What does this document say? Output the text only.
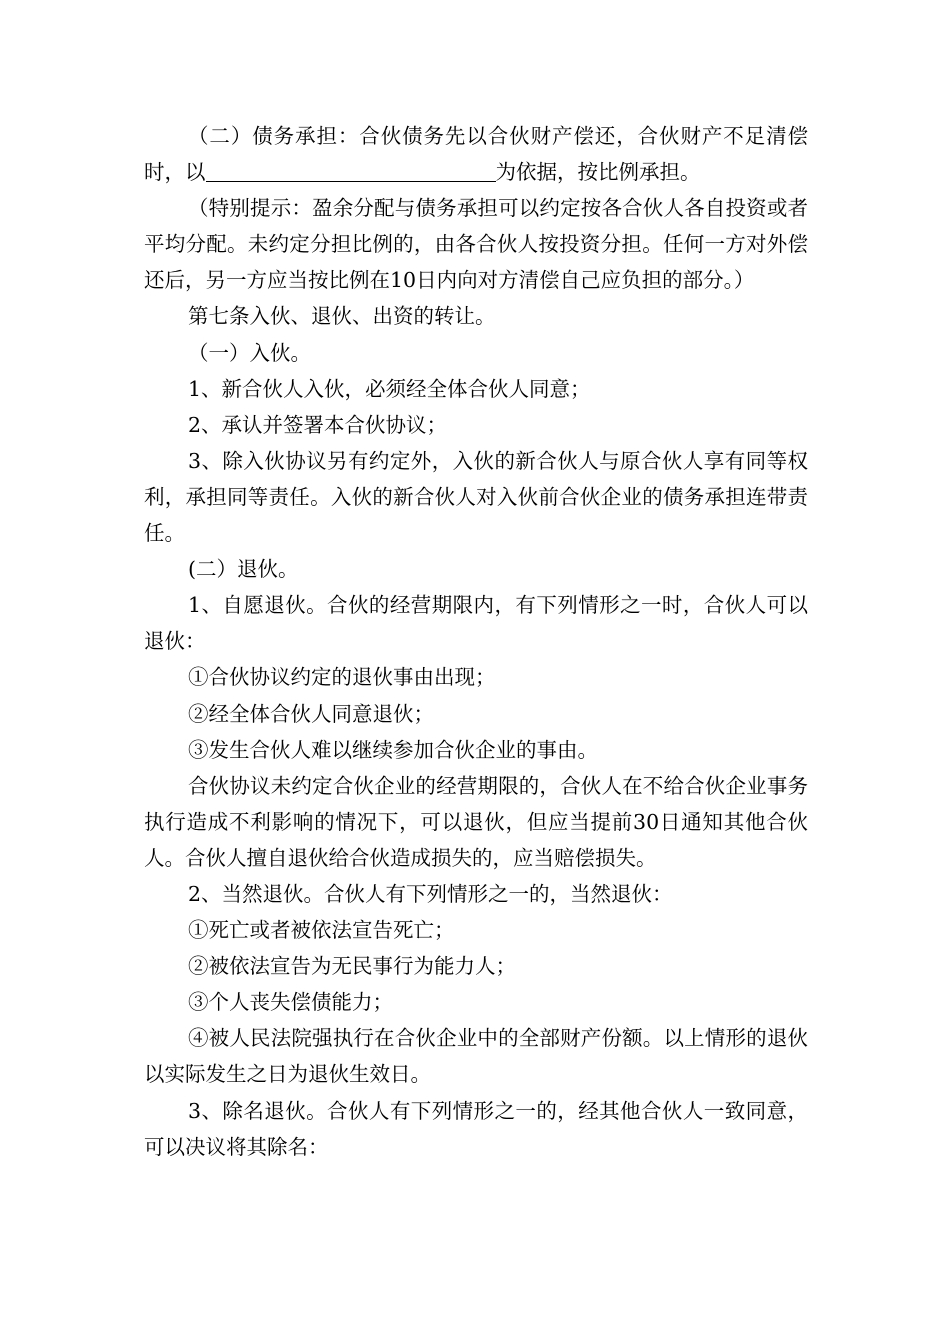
（二）债务承担：合伙债务先以合伙财产偿还，合伙财产不足清偿时，以	为依据，按比例承担。

（特别提示：盈余分配与债务承担可以约定按各合伙人各自投资或者平均分配。未约定分担比例的，由各合伙人按投资分担。任何一方对外偿还后，另一方应当按比例在10日内向对方清偿自己应负担的部分。）

第七条入伙、退伙、出资的转让。

（一）入伙。

1、新合伙人入伙，必须经全体合伙人同意；

2、承认并签署本合伙协议；

3、除入伙协议另有约定外，入伙的新合伙人与原合伙人享有同等权利，承担同等责任。入伙的新合伙人对入伙前合伙企业的债务承担连带责任。

(二）退伙。

1、自愿退伙。合伙的经营期限内，有下列情形之一时，合伙人可以退伙：

①合伙协议约定的退伙事由出现；

②经全体合伙人同意退伙；

③发生合伙人难以继续参加合伙企业的事由。

合伙协议未约定合伙企业的经营期限的，合伙人在不给合伙企业事务执行造成不利影响的情况下，可以退伙，但应当提前30日通知其他合伙人。合伙人擅自退伙给合伙造成损失的，应当赔偿损失。

2、当然退伙。合伙人有下列情形之一的，当然退伙：

①死亡或者被依法宣告死亡；

②被依法宣告为无民事行为能力人；

③个人丧失偿债能力；

④被人民法院强执行在合伙企业中的全部财产份额。以上情形的退伙以实际发生之日为退伙生效日。

3、除名退伙。合伙人有下列情形之一的，经其他合伙人一致同意，可以决议将其除名：
